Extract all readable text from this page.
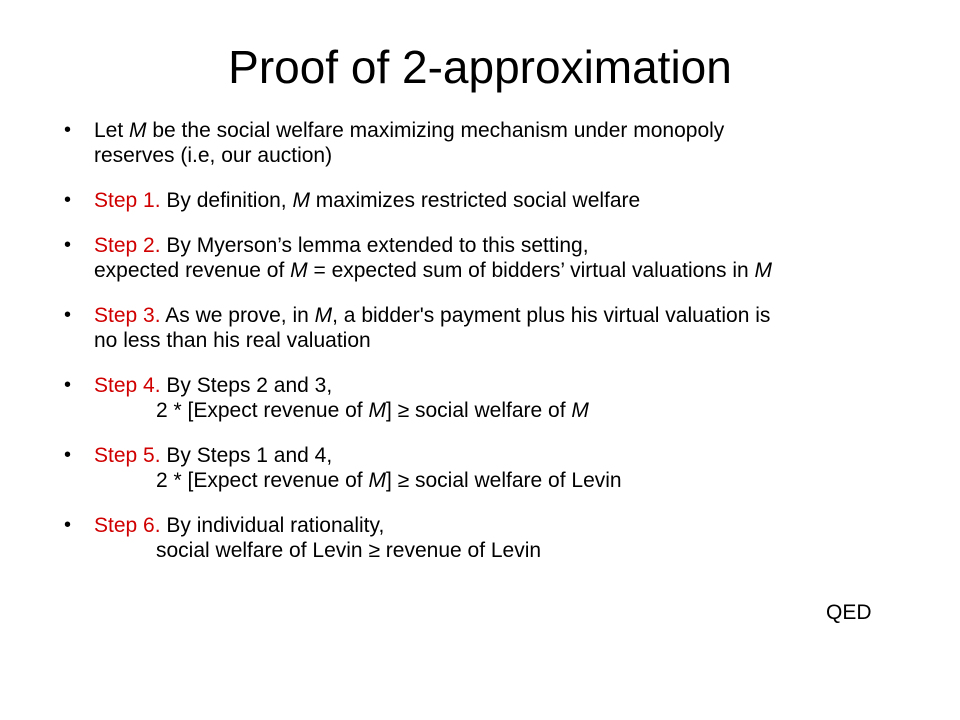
Proof of 2-approximation
• Let M be the social welfare maximizing mechanism under monopoly
reserves (i.e, our auction)
• Step 1. By definition, M maximizes restricted social welfare
• Step 2. By Myerson’s lemma extended to this setting,
expected revenue of M = expected sum of bidders’ virtual valuations in M
• Step 3. As we prove, in M, a bidder's payment plus his virtual valuation is
no less than his real valuation
• Step 4. By Steps 2 and 3,
2 * [Expect revenue of M] ≥ social welfare of M
• Step 5. By Steps 1 and 4,
2 * [Expect revenue of M] ≥ social welfare of Levin
• Step 6. By individual rationality,
social welfare of Levin ≥ revenue of Levin
QED
